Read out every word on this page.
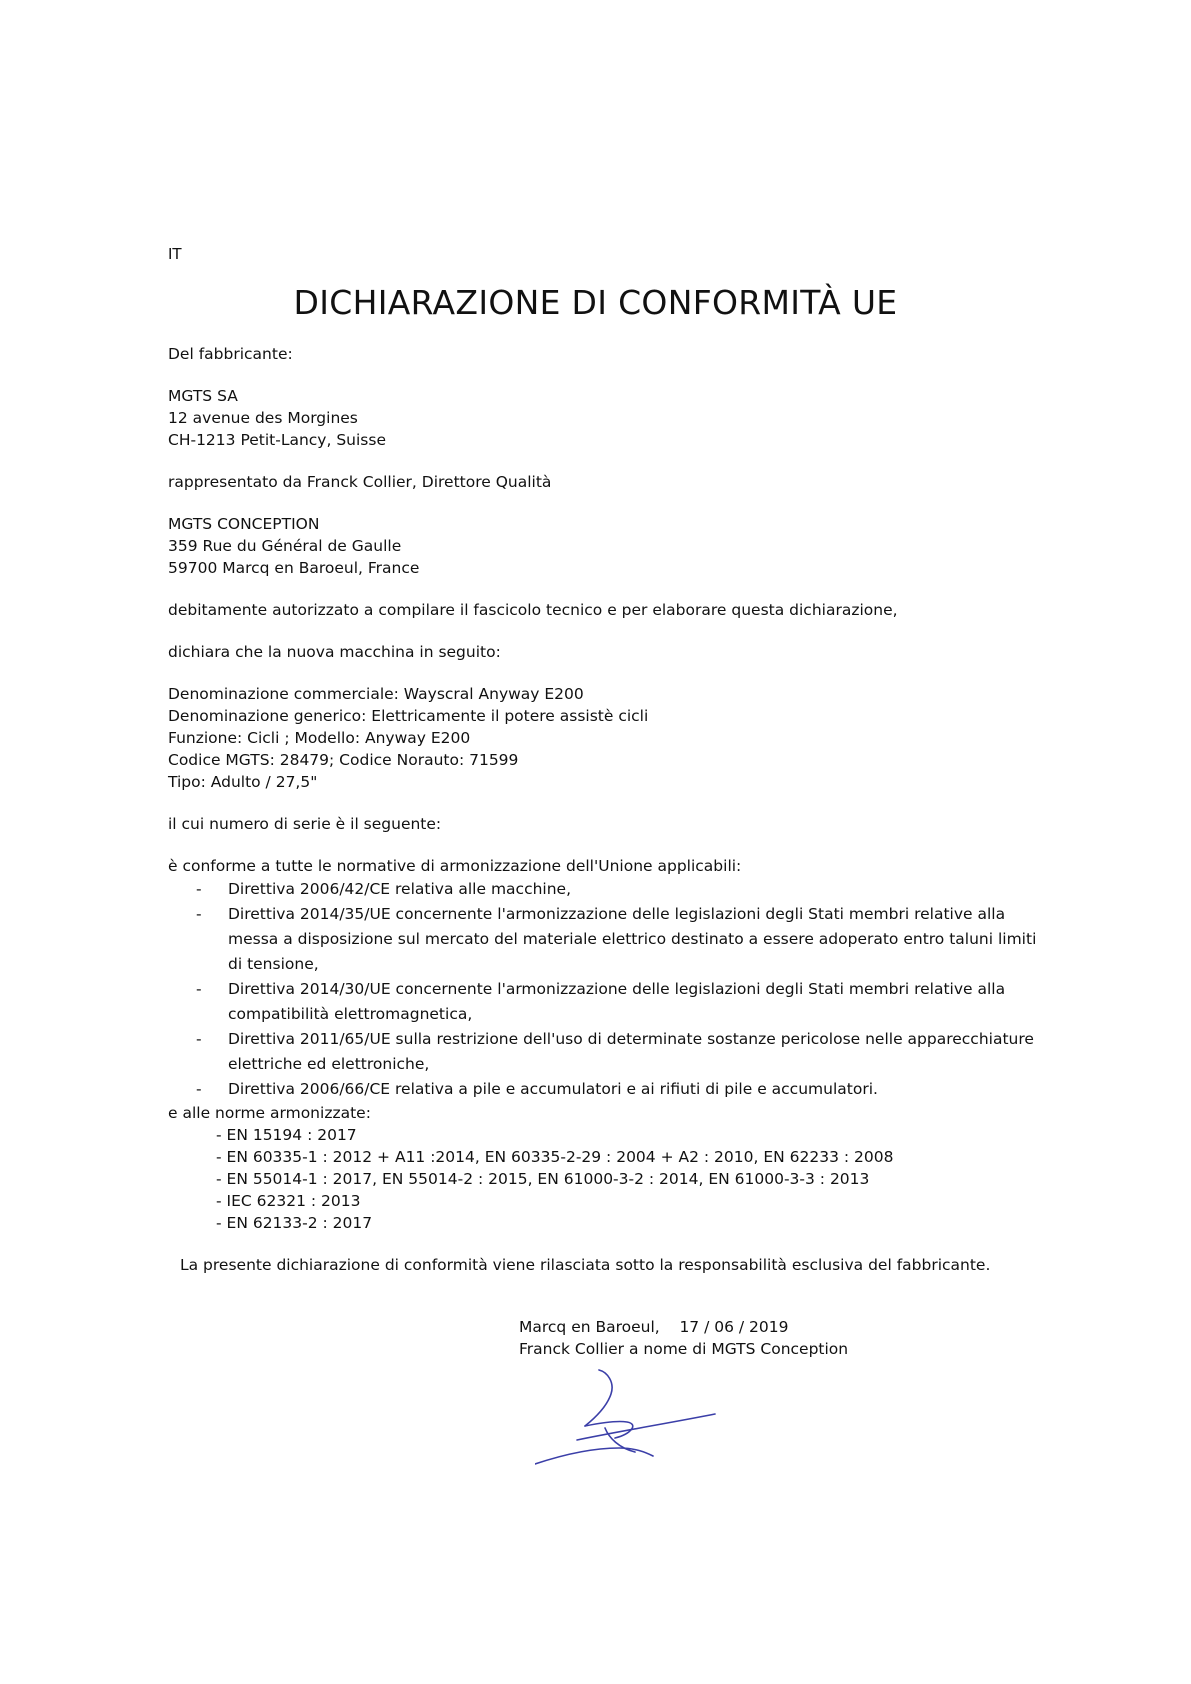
IT
DICHIARAZIONE DI CONFORMITÀ UE

Del fabbricante:

MGTS SA
12 avenue des Morgines
CH-1213 Petit-Lancy, Suisse

rappresentato da Franck Collier, Direttore Qualità

MGTS CONCEPTION
359 Rue du Général de Gaulle
59700 Marcq en Baroeul, France

debitamente autorizzato a compilare il fascicolo tecnico e per elaborare questa dichiarazione,

dichiara che la nuova macchina in seguito:

Denominazione commerciale: Wayscral Anyway E200
Denominazione generico: Elettricamente il potere assistè cicli
Funzione: Cicli ; Modello: Anyway E200
Codice MGTS: 28479; Codice Norauto: 71599
Tipo: Adulto / 27,5"

il cui numero di serie è il seguente:

è conforme a tutte le normative di armonizzazione dell'Unione applicabili:

- Direttiva 2006/42/CE relativa alle macchine,
- Direttiva 2014/35/UE concernente l'armonizzazione delle legislazioni degli Stati membri relative alla messa a disposizione sul mercato del materiale elettrico destinato a essere adoperato entro taluni limiti di tensione,
- Direttiva 2014/30/UE concernente l'armonizzazione delle legislazioni degli Stati membri relative alla compatibilità elettromagnetica,
- Direttiva 2011/65/UE sulla restrizione dell'uso di determinate sostanze pericolose nelle apparecchiature elettriche ed elettroniche,
- Direttiva 2006/66/CE relativa a pile e accumulatori e ai rifiuti di pile e accumulatori.

e alle norme armonizzate:

- EN 15194 : 2017
- EN 60335-1 : 2012 + A11 :2014, EN 60335-2-29 : 2004 + A2 : 2010, EN 62233 : 2008
- EN 55014-1 : 2017, EN 55014-2 : 2015, EN 61000-3-2 : 2014, EN 61000-3-3 : 2013
- IEC 62321 : 2013
- EN 62133-2 : 2017

La presente dichiarazione di conformità viene rilasciata sotto la responsabilità esclusiva del fabbricante.

Marcq en Baroeul, 17 / 06 / 2019
Franck Collier a nome di MGTS Conception
